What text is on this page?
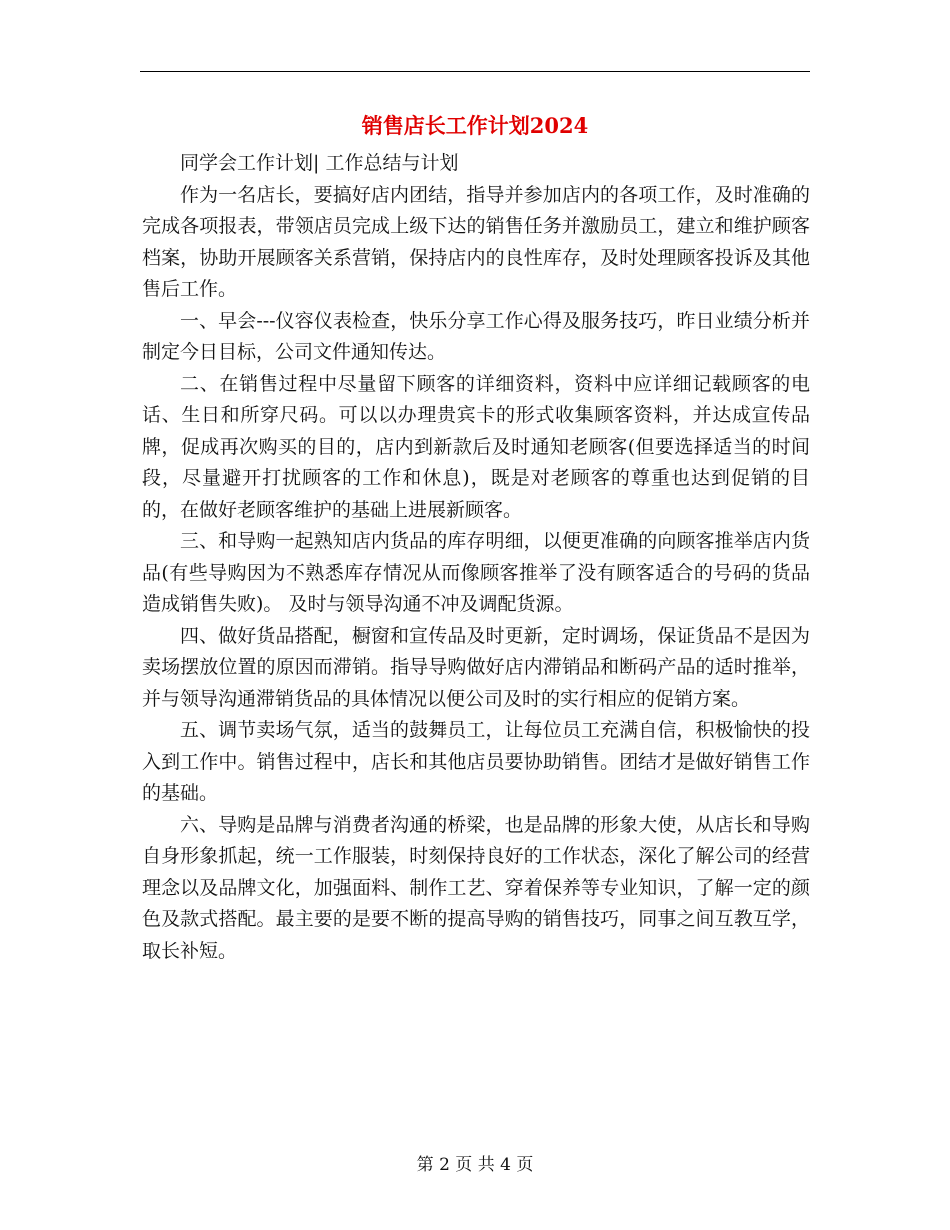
销售店长工作计划2024

同学会工作计划| 工作总结与计划

作为一名店长，要搞好店内团结，指导并参加店内的各项工作，及时准确的完成各项报表，带领店员完成上级下达的销售任务并激励员工，建立和维护顾客档案，协助开展顾客关系营销，保持店内的良性库存，及时处理顾客投诉及其他售后工作。

一、早会---仪容仪表检查，快乐分享工作心得及服务技巧，昨日业绩分析并制定今日目标，公司文件通知传达。

二、在销售过程中尽量留下顾客的详细资料，资料中应详细记载顾客的电话、生日和所穿尺码。可以以办理贵宾卡的形式收集顾客资料，并达成宣传品牌，促成再次购买的目的，店内到新款后及时通知老顾客(但要选择适当的时间段，尽量避开打扰顾客的工作和休息)，既是对老顾客的尊重也达到促销的目的，在做好老顾客维护的基础上进展新顾客。

三、和导购一起熟知店内货品的库存明细，以便更准确的向顾客推举店内货品(有些导购因为不熟悉库存情况从而像顾客推举了没有顾客适合的号码的货品造成销售失败)。 及时与领导沟通不冲及调配货源。

四、做好货品搭配，橱窗和宣传品及时更新，定时调场，保证货品不是因为卖场摆放位置的原因而滞销。指导导购做好店内滞销品和断码产品的适时推举，并与领导沟通滞销货品的具体情况以便公司及时的实行相应的促销方案。

五、调节卖场气氛，适当的鼓舞员工，让每位员工充满自信，积极愉快的投入到工作中。销售过程中，店长和其他店员要协助销售。团结才是做好销售工作的基础。

六、导购是品牌与消费者沟通的桥梁，也是品牌的形象大使，从店长和导购自身形象抓起，统一工作服装，时刻保持良好的工作状态，深化了解公司的经营理念以及品牌文化，加强面料、制作工艺、穿着保养等专业知识，了解一定的颜色及款式搭配。最主要的是要不断的提高导购的销售技巧，同事之间互教互学，取长补短。

第 2 页 共 4 页
